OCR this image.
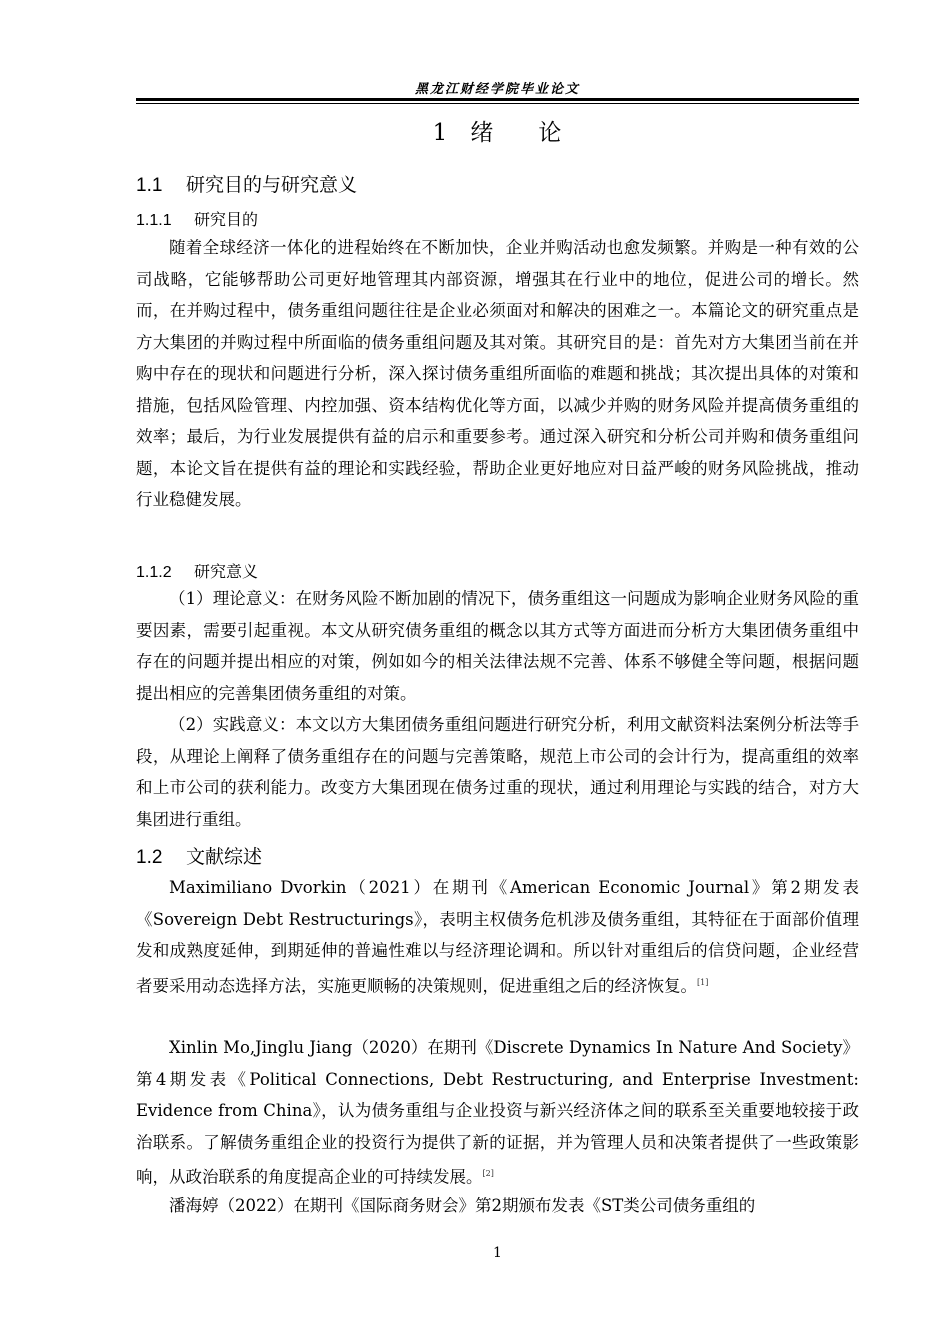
黑龙江财经学院毕业论文
1 绪 论
1.1 研究目的与研究意义
1.1.1 研究目的

随着全球经济一体化的进程始终在不断加快，企业并购活动也愈发频繁。并购是一种有效的公司战略，它能够帮助公司更好地管理其内部资源，增强其在行业中的地位，促进公司的增长。然而，在并购过程中，债务重组问题往往是企业必须面对和解决的困难之一。本篇论文的研究重点是方大集团的并购过程中所面临的债务重组问题及其对策。其研究目的是：首先对方大集团当前在并购中存在的现状和问题进行分析，深入探讨债务重组所面临的难题和挑战；其次提出具体的对策和措施，包括风险管理、内控加强、资本结构优化等方面，以减少并购的财务风险并提高债务重组的效率；最后，为行业发展提供有益的启示和重要参考。通过深入研究和分析公司并购和债务重组问题，本论文旨在提供有益的理论和实践经验，帮助企业更好地应对日益严峻的财务风险挑战，推动行业稳健发展。

1.1.2 研究意义

（1）理论意义：在财务风险不断加剧的情况下，债务重组这一问题成为影响企业财务风险的重要因素，需要引起重视。本文从研究债务重组的概念以其方式等方面进而分析方大集团债务重组中存在的问题并提出相应的对策，例如如今的相关法律法规不完善、体系不够健全等问题，根据问题提出相应的完善集团债务重组的对策。

（2）实践意义：本文以方大集团债务重组问题进行研究分析，利用文献资料法案例分析法等手段，从理论上阐释了债务重组存在的问题与完善策略，规范上市公司的会计行为，提高重组的效率和上市公司的获利能力。改变方大集团现在债务过重的现状，通过利用理论与实践的结合，对方大集团进行重组。

1.2 文献综述

Maximiliano Dvorkin（2021）在期刊《American Economic Journal》第2期发表《Sovereign Debt Restructurings》，表明主权债务危机涉及债务重组，其特征在于面部价值理发和成熟度延伸，到期延伸的普遍性难以与经济理论调和。所以针对重组后的信贷问题，企业经营者要采用动态选择方法，实施更顺畅的决策规则，促进重组之后的经济恢复。[1]

Xinlin Mo,Jinglu Jiang（2020）在期刊《Discrete Dynamics In Nature And Society》第4期发表《Political Connections, Debt Restructuring, and Enterprise Investment: Evidence from China》，认为债务重组与企业投资与新兴经济体之间的联系至关重要地较接于政治联系。了解债务重组企业的投资行为提供了新的证据，并为管理人员和决策者提供了一些政策影响，从政治联系的角度提高企业的可持续发展。[2]

潘海婷（2022）在期刊《国际商务财会》第2期颁布发表《ST类公司债务重组的

1
